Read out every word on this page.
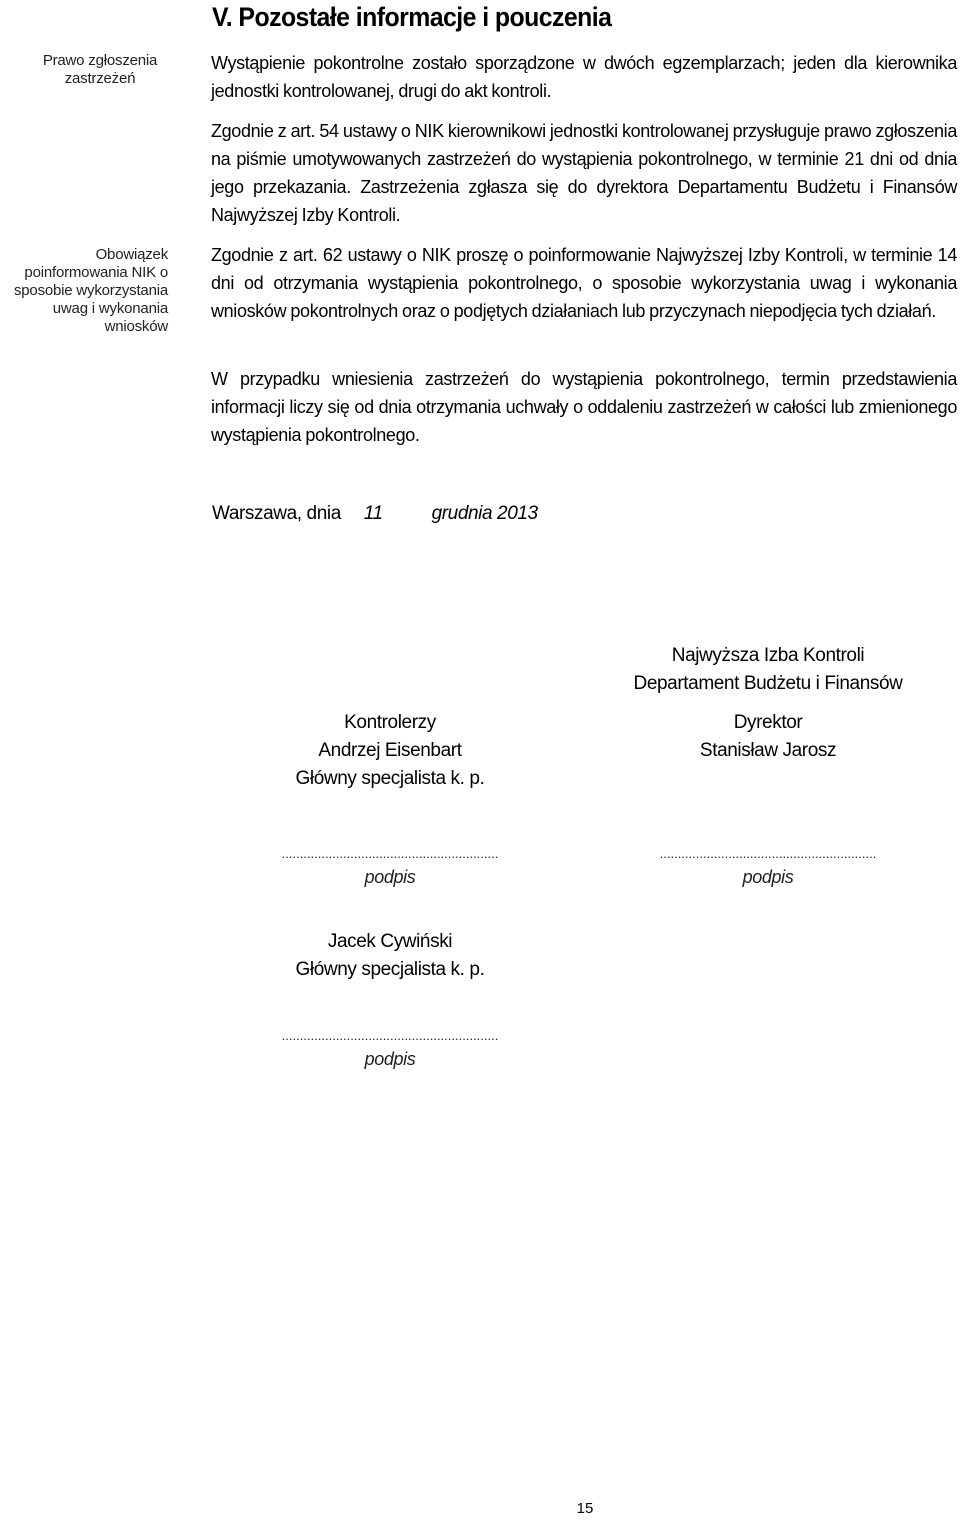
Prawo zgłoszenia zastrzeżeń
Obowiązek poinformowania NIK o sposobie wykorzystania uwag i wykonania wniosków
V. Pozostałe informacje i pouczenia
Wystąpienie pokontrolne zostało sporządzone w dwóch egzemplarzach; jeden dla kierownika jednostki kontrolowanej, drugi do akt kontroli.
Zgodnie z art. 54 ustawy o NIK kierownikowi jednostki kontrolowanej przysługuje prawo zgłoszenia na piśmie umotywowanych zastrzeżeń do wystąpienia pokontrolnego, w terminie 21 dni od dnia jego przekazania. Zastrzeżenia zgłasza się do dyrektora Departamentu Budżetu i Finansów Najwyższej Izby Kontroli.
Zgodnie z art. 62 ustawy o NIK proszę o poinformowanie Najwyższej Izby Kontroli, w terminie 14 dni od otrzymania wystąpienia pokontrolnego, o sposobie wykorzystania uwag i wykonania wniosków pokontrolnych oraz o podjętych działaniach lub przyczynach niepodjęcia tych działań.
W przypadku wniesienia zastrzeżeń do wystąpienia pokontrolnego, termin przedstawienia informacji liczy się od dnia otrzymania uchwały o oddaleniu zastrzeżeń w całości lub zmienionego wystąpienia pokontrolnego.
Warszawa, dnia 11	grudnia 2013
Najwyższa Izba Kontroli
Departament Budżetu i Finansów
Kontrolerzy
Andrzej Eisenbart
Główny specjalista k. p.
Dyrektor
Stanisław Jarosz
............................................................
podpis
............................................................
podpis
Jacek Cywiński
Główny specjalista k. p.
............................................................
podpis
15
